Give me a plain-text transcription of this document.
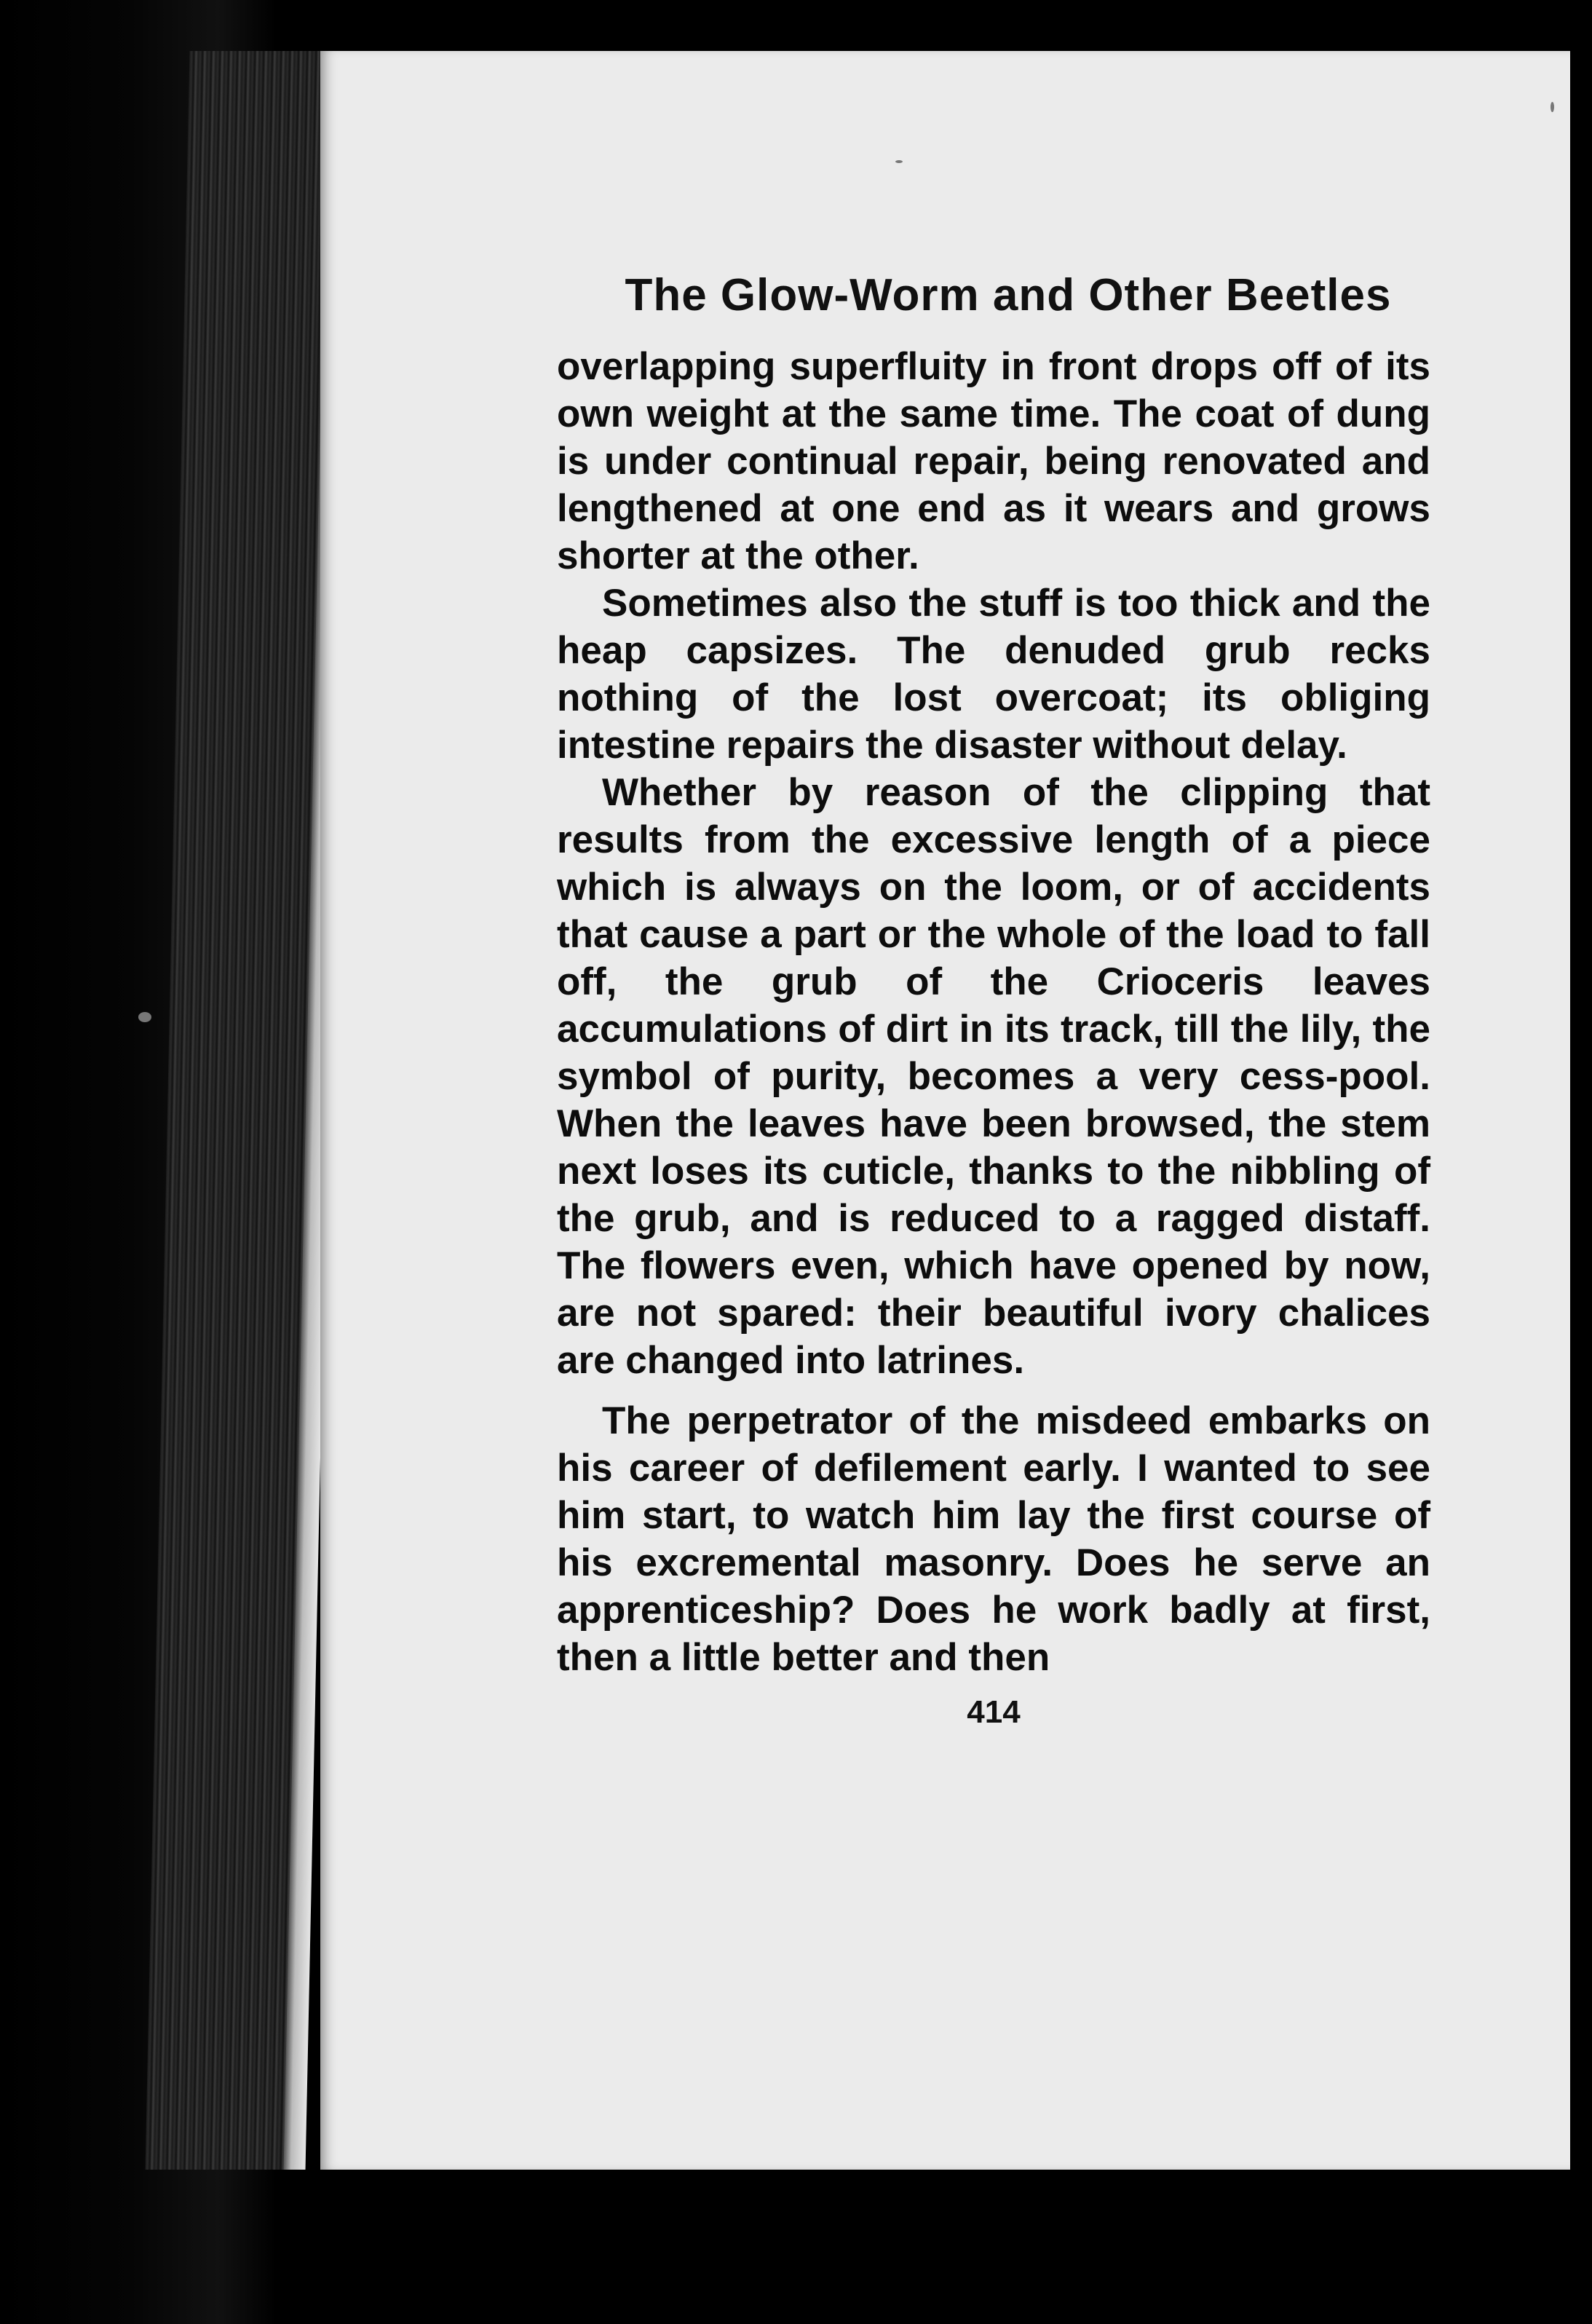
The Glow-Worm and Other Beetles

overlapping superfluity in front drops off of its own weight at the same time. The coat of dung is under continual repair, being renovated and lengthened at one end as it wears and grows shorter at the other.

Sometimes also the stuff is too thick and the heap capsizes. The denuded grub recks nothing of the lost overcoat; its obliging intestine repairs the disaster without delay.

Whether by reason of the clipping that results from the excessive length of a piece which is always on the loom, or of accidents that cause a part or the whole of the load to fall off, the grub of the Crioceris leaves accumulations of dirt in its track, till the lily, the symbol of purity, becomes a very cess-pool. When the leaves have been browsed, the stem next loses its cuticle, thanks to the nibbling of the grub, and is reduced to a ragged distaff. The flowers even, which have opened by now, are not spared: their beautiful ivory chalices are changed into latrines.

The perpetrator of the misdeed embarks on his career of defilement early. I wanted to see him start, to watch him lay the first course of his excremental masonry. Does he serve an apprenticeship? Does he work badly at first, then a little better and then

414
